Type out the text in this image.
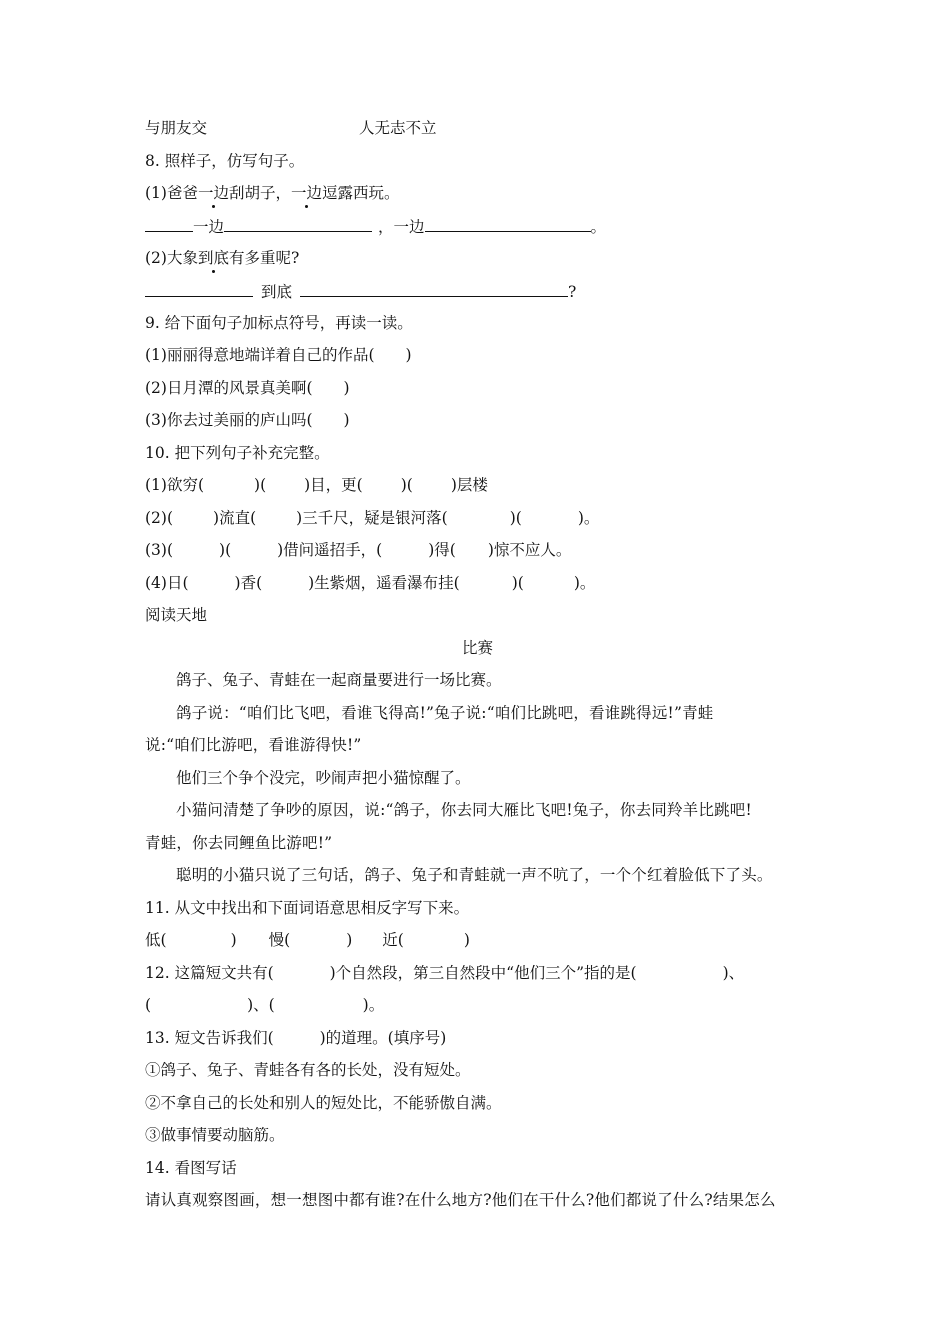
与朋友交	人无志不立
8. 照样子，仿写句子。
(1)爸爸一边刮胡子，一边逗露西玩。
一边	，一边	。
(2)大象到底有多重呢?
到底	?
9. 给下面句子加标点符号，再读一读。
(1)丽丽得意地端详着自己的作品(　　)
(2)日月潭的风景真美啊(　　)
(3)你去过美丽的庐山吗(　　)
10. 把下列句子补充完整。
(1)欲穷(	)( )目，更( )( )层楼
(2)(	)流直(	)三千尺，疑是银河落(	)(	)。
(3)(	)(	)借问遥招手，(	)得( )惊不应人。
(4)日(	)香(	)生紫烟，遥看瀑布挂(	)(	)。
阅读天地
比赛
鸽子、兔子、青蛙在一起商量要进行一场比赛。
鸽子说：“咱们比飞吧，看谁飞得高!”兔子说:“咱们比跳吧，看谁跳得远!”青蛙
说:“咱们比游吧，看谁游得快!”
他们三个争个没完，吵闹声把小猫惊醒了。
小猫问清楚了争吵的原因，说:“鸽子，你去同大雁比飞吧!兔子，你去同羚羊比跳吧!
青蛙，你去同鲤鱼比游吧!”
聪明的小猫只说了三句话，鸽子、兔子和青蛙就一声不吭了，一个个红着脸低下了头。
11. 从文中找出和下面词语意思相反字写下来。
低(	) 慢(	) 近(	)
12. 这篇短文共有(	)个自然段，第三自然段中“他们三个”指的是(	)、
(	)、(	)。
13. 短文告诉我们(	)的道理。(填序号)
①鸽子、兔子、青蛙各有各的长处，没有短处。
②不拿自己的长处和别人的短处比，不能骄傲自满。
③做事情要动脑筋。
14. 看图写话
请认真观察图画，想一想图中都有谁?在什么地方?他们在干什么?他们都说了什么?结果怎么
